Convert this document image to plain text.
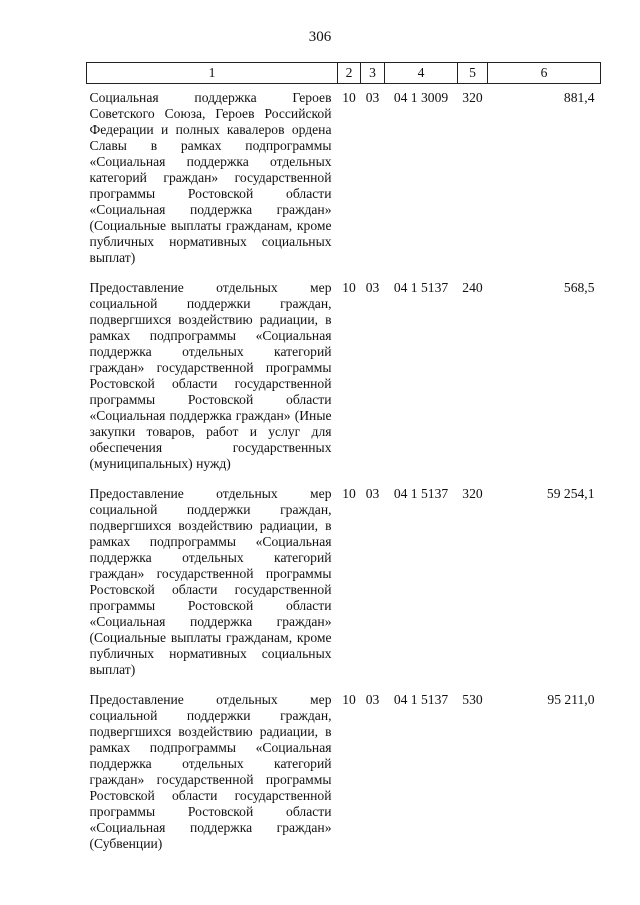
306
1	2	3	4	5	6
Социальная поддержка Героев Советского Союза, Героев Российской Федерации и полных кавалеров ордена Славы в рамках подпрограммы «Социальная поддержка отдельных категорий граждан» государственной программы Ростовской области «Социальная поддержка граждан» (Социальные выплаты гражданам, кроме публичных нормативных социальных выплат)	10	03	04 1 3009	320	881,4
Предоставление отдельных мер социальной поддержки граждан, подвергшихся воздействию радиации, в рамках подпрограммы «Социальная поддержка отдельных категорий граждан» государственной программы Ростовской области государственной программы Ростовской области «Социальная поддержка граждан» (Иные закупки товаров, работ и услуг для обеспечения государственных (муниципальных) нужд)	10	03	04 1 5137	240	568,5
Предоставление отдельных мер социальной поддержки граждан, подвергшихся воздействию радиации, в рамках подпрограммы «Социальная поддержка отдельных категорий граждан» государственной программы Ростовской области государственной программы Ростовской области «Социальная поддержка граждан» (Социальные выплаты гражданам, кроме публичных нормативных социальных выплат)	10	03	04 1 5137	320	59 254,1
Предоставление отдельных мер социальной поддержки граждан, подвергшихся воздействию радиации, в рамках подпрограммы «Социальная поддержка отдельных категорий граждан» государственной программы Ростовской области государственной программы Ростовской области «Социальная поддержка граждан» (Субвенции)	10	03	04 1 5137	530	95 211,0
